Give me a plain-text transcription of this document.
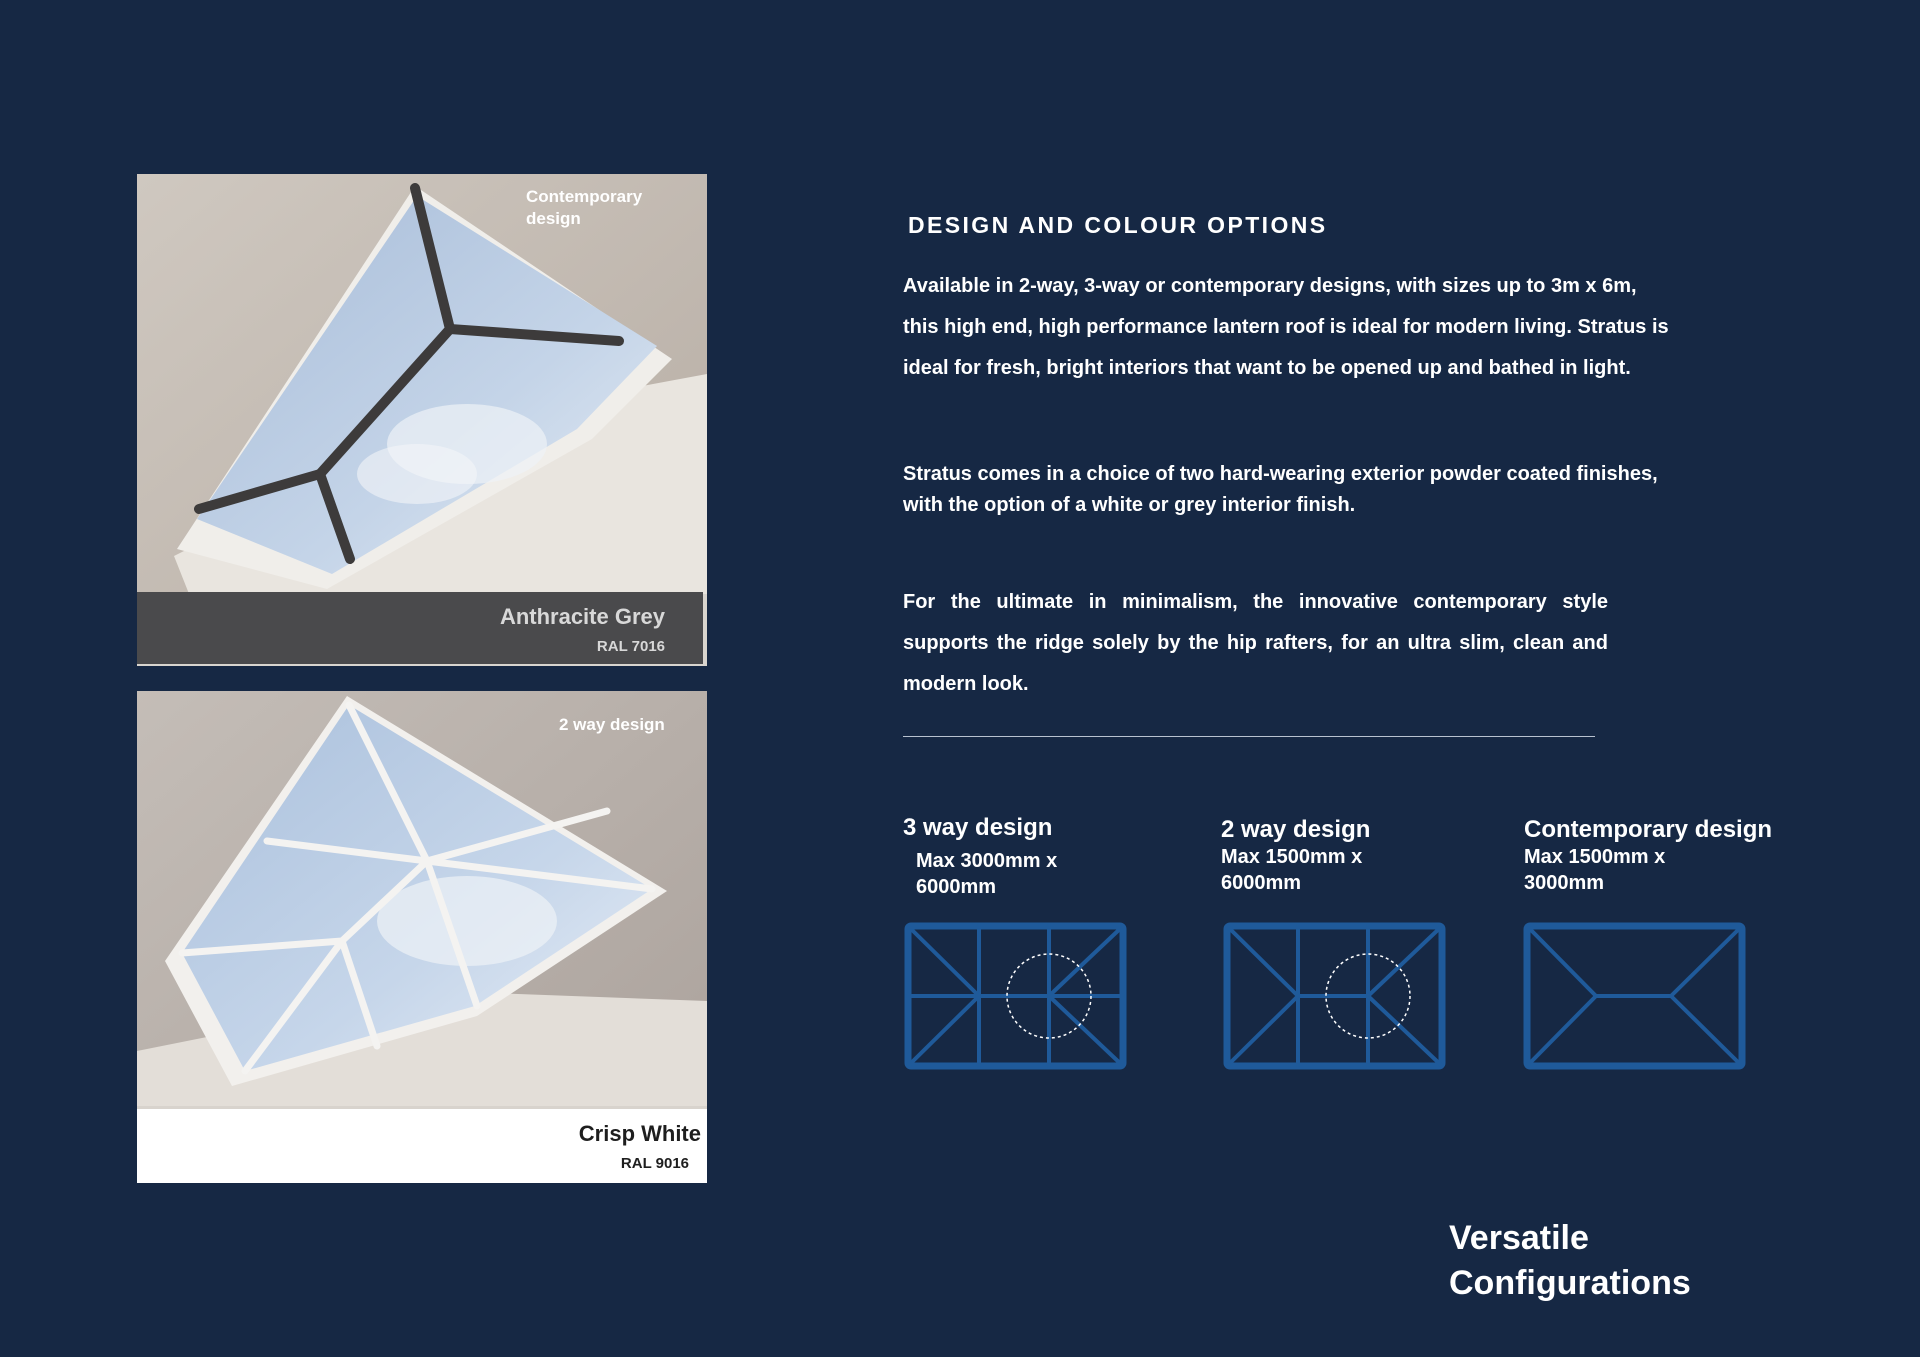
Contemporary design
Anthracite Grey
RAL 7016
2 way design
Crisp White
RAL 9016
DESIGN AND COLOUR OPTIONS
Available in 2-way, 3-way or contemporary designs, with sizes up to 3m x 6m, this high end, high performance lantern roof is ideal for modern living. Stratus is ideal for fresh, bright interiors that want to be opened up and bathed in light.
Stratus comes in a choice of two hard-wearing exterior powder coated finishes, with the option of a white or grey interior finish.
For the ultimate in minimalism, the innovative contemporary style supports the ridge solely by the hip rafters, for an ultra slim, clean and modern look.
3 way design
Max 3000mm x 6000mm
2 way design
Max 1500mm x 6000mm
Contemporary design
Max 1500mm x 3000mm
Versatile Configurations
